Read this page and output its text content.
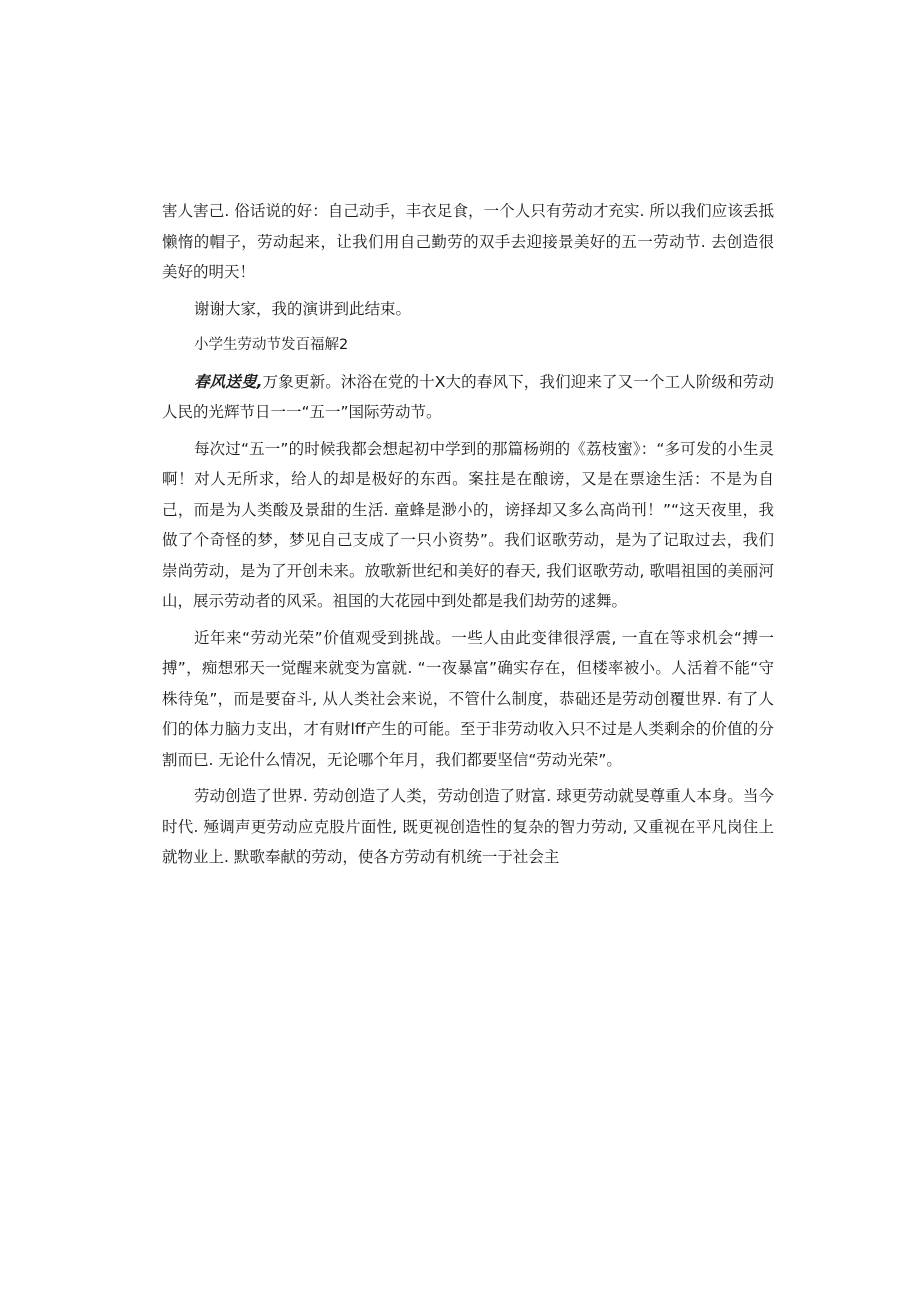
害人害己. 俗话说的好：自己动手，丰衣足食，一个人只有劳动才充实. 所以我们应该丢抵懒惰的帽子，劳动起来，让我们用自己勤劳的双手去迎接景美好的五一劳动节. 去创造很美好的明天！

谢谢大家，我的演讲到此结束。

小学生劳动节发百福解2

春风送叟,万象更新。沐浴在党的十X大的春风下，我们迎来了又一个工人阶级和劳动人民的光辉节日一一“五一”国际劳动节。

每次过“五一”的时候我都会想起初中学到的那篇杨朔的《荔枝蜜》：“多可发的小生灵啊！对人无所求，给人的却是极好的东西。案拄是在酿谤，又是在票途生活：不是为自己，而是为人类酸及景甜的生活. 童蜂是渺小的，谤择却又多么高尚刊！”“这天夜里，我做了个奇怪的梦，梦见自己支成了一只小资势”。我们讴歌劳动，是为了记取过去，我们崇尚劳动，是为了开创未来。放歌新世纪和美好的春天, 我们讴歌劳动, 歌唱祖国的美丽河山，展示劳动者的风采。祖国的大花园中到处都是我们劫劳的逑舞。

近年来“劳动光荣”价值观受到挑战。一些人由此变律很浮震, 一直在等求机会“搏一搏”，痴想邪天一觉醒来就变为富就. “一夜暴富”确实存在，但楼率被小。人活着不能“守株待兔”，而是要奋斗, 从人类社会来说，不管什么制度，恭础还是劳动创覆世界. 有了人们的体力脑力支出，才有财lff产生的可能。至于非劳动收入只不过是人类剩余的价值的分割而巳. 无论什么情况，无论哪个年月，我们都要坚信“劳动光荣”。

劳动创造了世界. 劳动创造了人类，劳动创造了财富. 球更劳动就旻尊重人本身。当今时代. 殛调声更劳动应克股片面性, 既更视创造性的复杂的智力劳动, 又重视在平凡岗住上就物业上. 默歌奉献的劳动，使各方劳动有机统一于社会主
